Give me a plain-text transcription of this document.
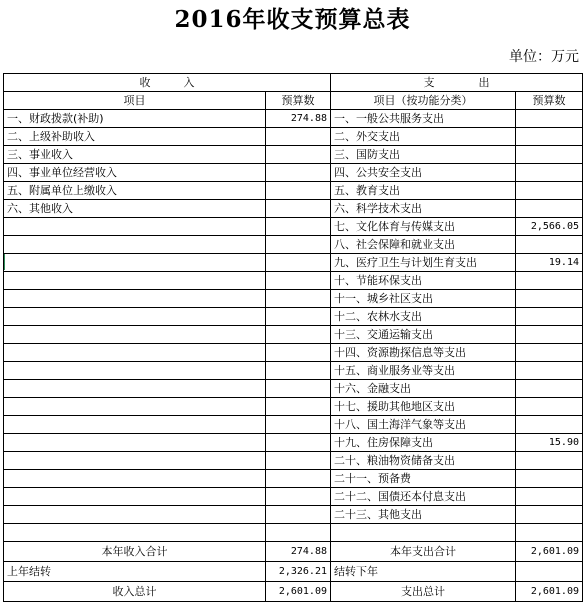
2016年收支预算总表
单位：万元
收　　　入		支　　　　出	
项目	预算数	项目（按功能分类）	预算数
一、财政拨款(补助)	274.88	一、一般公共服务支出	
二、上级补助收入		二、外交支出	
三、事业收入		三、国防支出	
四、事业单位经营收入		四、公共安全支出	
五、附属单位上缴收入		五、教育支出	
六、其他收入		六、科学技术支出	
		七、文化体育与传媒支出	2,566.05
		八、社会保障和就业支出	
		九、医疗卫生与计划生育支出	19.14
		十、节能环保支出	
		十一、城乡社区支出	
		十二、农林水支出	
		十三、交通运输支出	
		十四、资源勘探信息等支出	
		十五、商业服务业等支出	
		十六、金融支出	
		十七、援助其他地区支出	
		十八、国土海洋气象等支出	
		十九、住房保障支出	15.90
		二十、粮油物资储备支出	
		二十一、预备费	
		二十二、国债还本付息支出	
		二十三、其他支出	

本年收入合计	274.88	本年支出合计	2,601.09
上年结转	2,326.21	结转下年	
收入总计	2,601.09	支出总计	2,601.09
